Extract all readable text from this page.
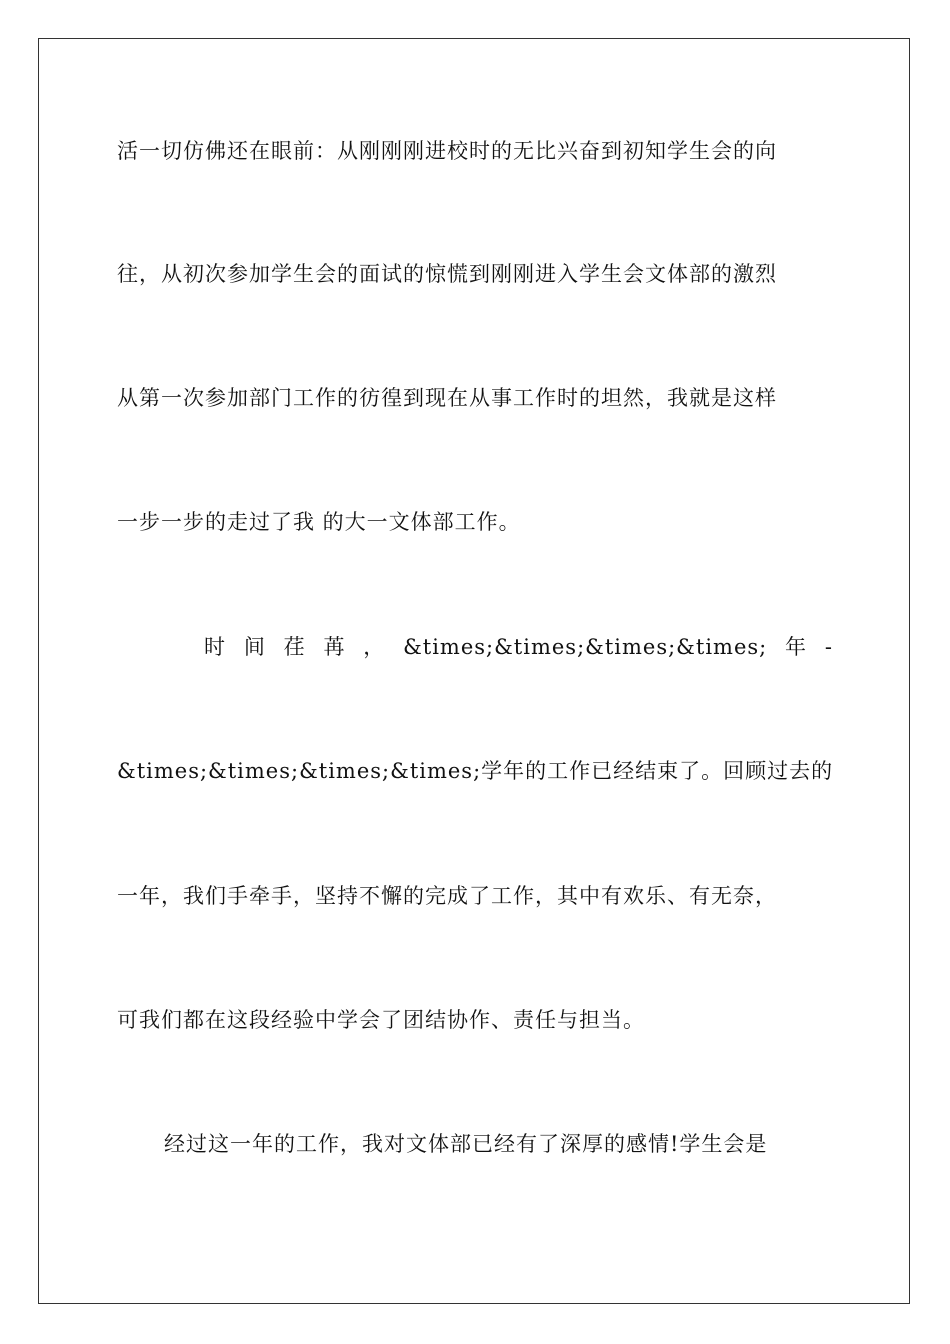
活一切仿佛还在眼前：从刚刚刚进校时的无比兴奋到初知学生会的向
往，从初次参加学生会的面试的惊慌到刚刚进入学生会文体部的激烈
从第一次参加部门工作的彷徨到现在从事工作时的坦然，我就是这样
一步一步的走过了我 的大一文体部工作。
时 间 荏 苒 ， &times;&times;&times;&times; 年 -
&times;&times;&times;&times;学年的工作已经结束了。回顾过去的
一年，我们手牵手，坚持不懈的完成了工作，其中有欢乐、有无奈，
可我们都在这段经验中学会了团结协作、责任与担当。
经过这一年的工作，我对文体部已经有了深厚的感情!学生会是
